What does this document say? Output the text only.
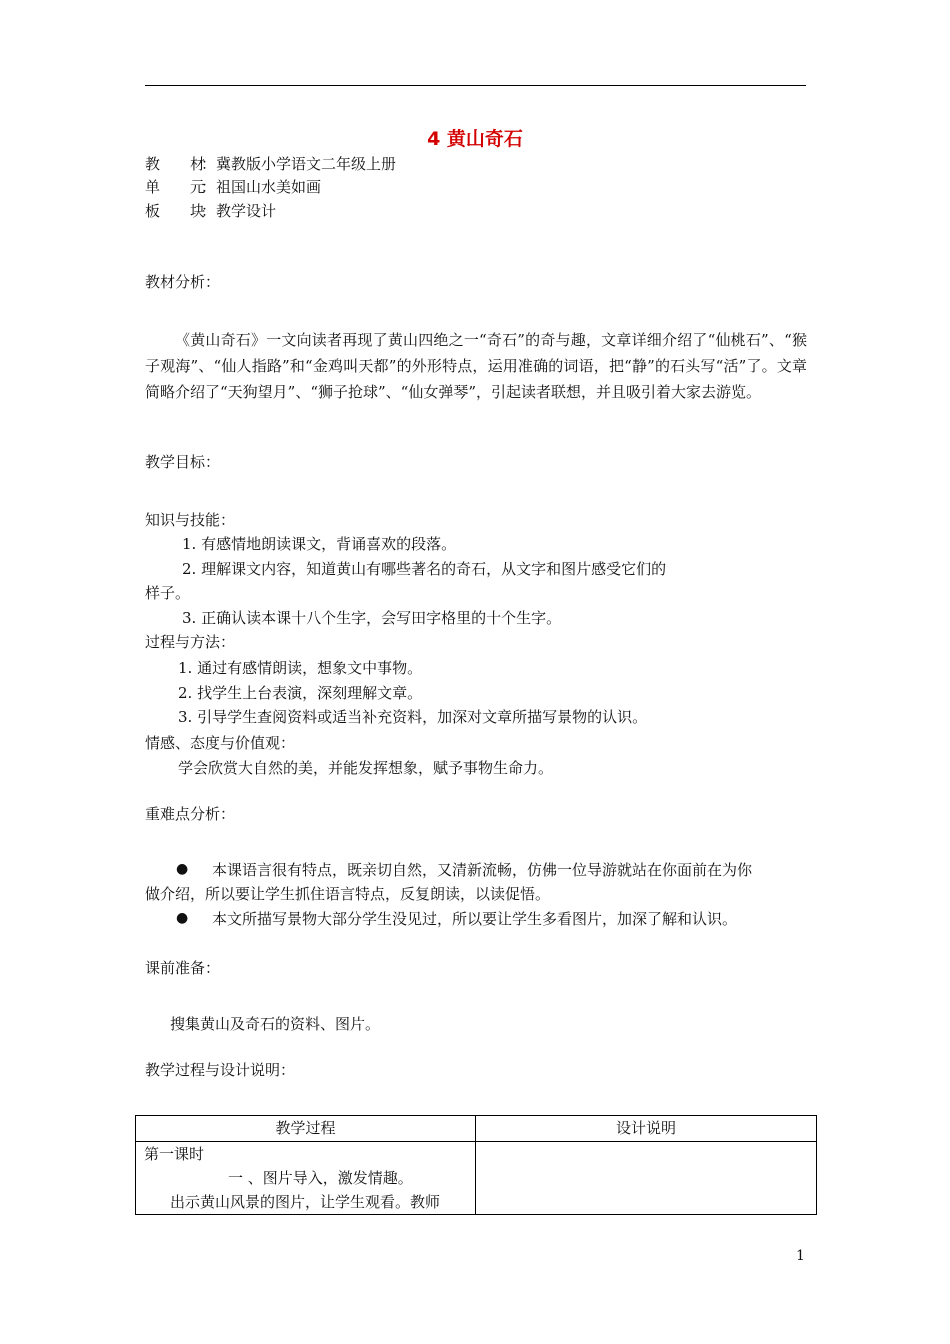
4 黄山奇石
教　　材：冀教版小学语文二年级上册
单　　元：祖国山水美如画
板　　块：教学设计
教材分析：
《黄山奇石》一文向读者再现了黄山四绝之一“奇石”的奇与趣，文章详细介绍了“仙桃石”、“猴子观海”、“仙人指路”和“金鸡叫天都”的外形特点，运用准确的词语，把“静”的石头写“活”了。文章简略介绍了“天狗望月”、“狮子抢球”、“仙女弹琴”，引起读者联想，并且吸引着大家去游览。
教学目标：
知识与技能：
1. 有感情地朗读课文，背诵喜欢的段落。
2. 理解课文内容，知道黄山有哪些著名的奇石，从文字和图片感受它们的
样子。
3. 正确认读本课十八个生字，会写田字格里的十个生字。
过程与方法：
1. 通过有感情朗读，想象文中事物。
2. 找学生上台表演，深刻理解文章。
3. 引导学生查阅资料或适当补充资料，加深对文章所描写景物的认识。
情感、态度与价值观：
学会欣赏大自然的美，并能发挥想象，赋予事物生命力。
重难点分析：
● 本课语言很有特点，既亲切自然，又清新流畅，仿佛一位导游就站在你面前在为你
做介绍，所以要让学生抓住语言特点，反复朗读，以读促悟。
● 本文所描写景物大部分学生没见过，所以要让学生多看图片，加深了解和认识。
课前准备：
搜集黄山及奇石的资料、图片。
教学过程与设计说明：
教学过程	设计说明

第一课时
一 、图片导入，激发情趣。
出示黄山风景的图片，让学生观看。教师	

1
